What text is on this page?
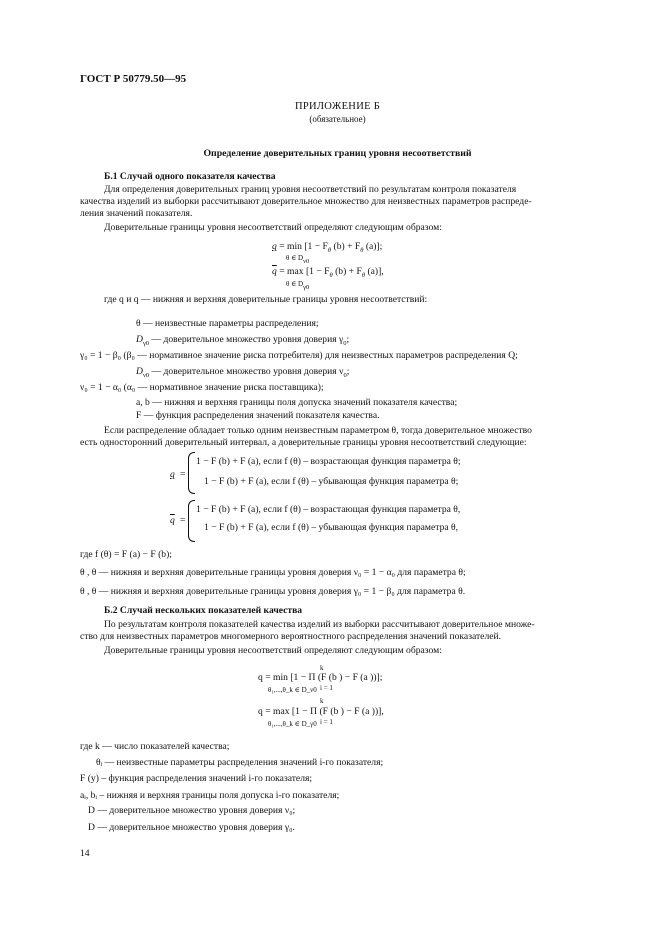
ГОСТ Р 50779.50—95
ПРИЛОЖЕНИЕ Б
(обязательное)
Определение доверительных границ уровня несоответствий
Б.1 Случай одного показателя качества
Для определения доверительных границ уровня несоответствий по результатам контроля показателя
качества изделий из выборки рассчитывают доверительное множество для неизвестных параметров распреде-
ления значений показателя.
Доверительные границы уровня несоответствий определяют следующим образом:
$q = \min [1 - F_\theta$ $(b) + F_\theta$ (a)];
θ ∈ Dν0
$\overline{q} = \max [1 - F_\theta$ $(b) + F_\theta$ (a)],
θ ∈ Dγ0
где q и q — нижняя и верхняя доверительные границы уровня несоответствий:
θ — неизвестные параметры распределения;
$D_{\gamma 0}$ — доверительное множество уровня доверия $\gamma_0$;
γ₀ = 1 − β₀ (β₀ — нормативное значение риска потребителя) для неизвестных параметров распределения Q;
$D_{\nu 0}$ — доверительное множество уровня доверия $\nu_0$;
ν₀ = 1 − α₀ (α₀ — нормативное значение риска поставщика);
a, b — нижняя и верхняя границы поля допуска значений показателя качества;
F — функция распределения значений показателя качества.
Если распределение обладает только одним неизвестным параметром θ, тогда доверительное множество
есть односторонний доверительный интервал, а доверительные границы уровня несоответствий следующие:
q =
1 − F (b) + F (a), если f (θ) – возрастающая функция параметра θ;
1 − F (b) + F (a), если f (θ) – убывающая функция параметра θ;
$\overline{q}$ =
1 − F (b) + F (a), если f (θ) – возрастающая функция параметра θ,
1 − F (b) + F (a), если f (θ) – убывающая функция параметра θ,
где f (θ) = F (a) − F (b);
θ , θ — нижняя и верхняя доверительные границы уровня доверия ν₀ = 1 − α₀ для параметра θ;
θ , θ — нижняя и верхняя доверительные границы уровня доверия γ₀ = 1 − β₀ для параметра θ.
Б.2 Случай нескольких показателей качества
По результатам контроля показателей качества изделий из выборки рассчитывают доверительное множе-
ство для неизвестных параметров многомерного вероятностного распределения значений показателей.
Доверительные границы уровня несоответствий определяют следующим образом:
k
q = min [1 − Π (F (b ) − F (a ))];
i = 1
θ₁,...,θ_k ∈ D_ν0
k
q = max [1 − Π (F (b ) − F (a ))],
i = 1
θ₁,...,θ_k ∈ D_γ0
где k — число показателей качества;
θᵢ — неизвестные параметры распределения значений i-го показателя;
F (y) – функция распределения значений i-го показателя;
aᵢ, bᵢ – нижняя и верхняя границы поля допуска i-го показателя;
D — доверительное множество уровня доверия ν₀;
D — доверительное множество уровня доверия γ₀.
14
